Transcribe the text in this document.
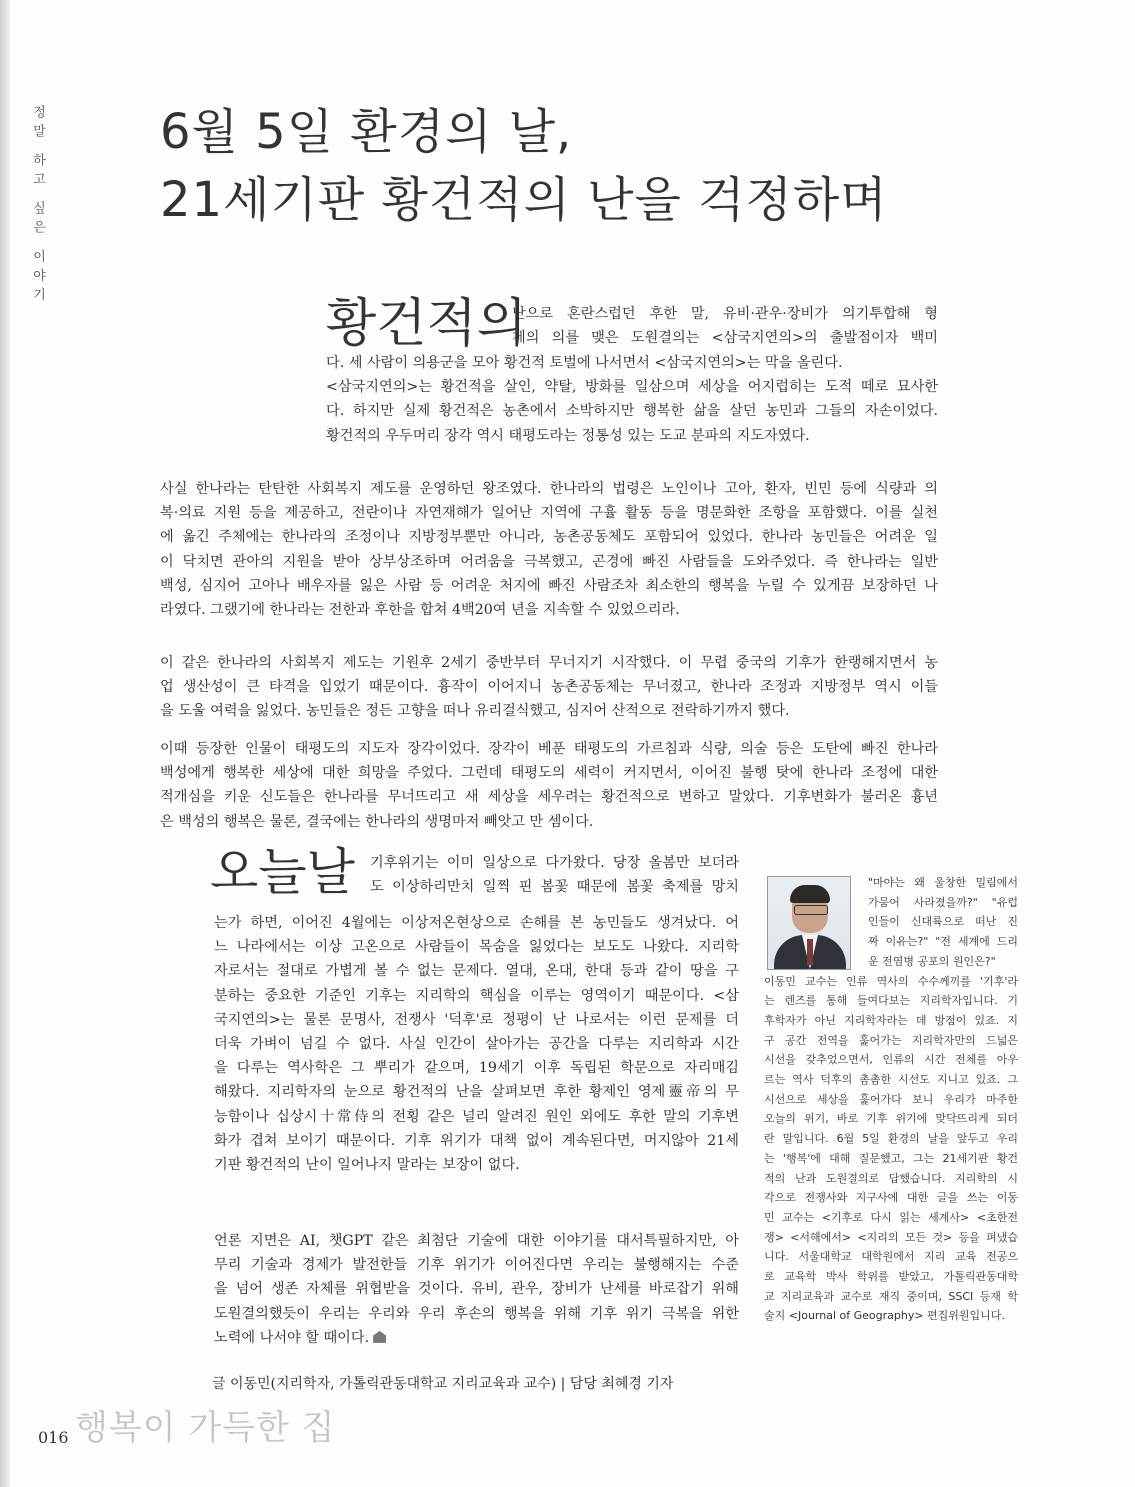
정말 하고 싶은 이야기 6월 5일 환경의 날,
21세기판 황건적의 난을 걱정하며
황건적의
난으로 혼란스럽던 후한 말, 유비·관우·장비가 의기투합해 형
제의 의를 맺은 도원결의는 <삼국지연의>의 출발점이자 백미
다. 세 사람이 의용군을 모아 황건적 토벌에 나서면서 <삼국지연의>는 막을 올린다.
<삼국지연의>는 황건적을 살인, 약탈, 방화를 일삼으며 세상을 어지럽히는 도적 떼로 묘사한
다. 하지만 실제 황건적은 농촌에서 소박하지만 행복한 삶을 살던 농민과 그들의 자손이었다.
황건적의 우두머리 장각 역시 태평도라는 정통성 있는 도교 분파의 지도자였다.
사실 한나라는 탄탄한 사회복지 제도를 운영하던 왕조였다. 한나라의 법령은 노인이나 고아, 환자, 빈민 등에 식량과 의
복·의료 지원 등을 제공하고, 전란이나 자연재해가 일어난 지역에 구휼 활동 등을 명문화한 조항을 포함했다. 이를 실천
에 옮긴 주체에는 한나라의 조정이나 지방정부뿐만 아니라, 농촌공동체도 포함되어 있었다. 한나라 농민들은 어려운 일
이 닥치면 관아의 지원을 받아 상부상조하며 어려움을 극복했고, 곤경에 빠진 사람들을 도와주었다. 즉 한나라는 일반
백성, 심지어 고아나 배우자를 잃은 사람 등 어려운 처지에 빠진 사람조차 최소한의 행복을 누릴 수 있게끔 보장하던 나
라였다. 그랬기에 한나라는 전한과 후한을 합쳐 4백20여 년을 지속할 수 있었으리라.
이 같은 한나라의 사회복지 제도는 기원후 2세기 중반부터 무너지기 시작했다. 이 무렵 중국의 기후가 한랭해지면서 농
업 생산성이 큰 타격을 입었기 때문이다. 흉작이 이어지니 농촌공동체는 무너졌고, 한나라 조정과 지방정부 역시 이들
을 도울 여력을 잃었다. 농민들은 정든 고향을 떠나 유리걸식했고, 심지어 산적으로 전락하기까지 했다.
이때 등장한 인물이 태평도의 지도자 장각이었다. 장각이 베푼 태평도의 가르침과 식량, 의술 등은 도탄에 빠진 한나라
백성에게 행복한 세상에 대한 희망을 주었다. 그런데 태평도의 세력이 커지면서, 이어진 불행 탓에 한나라 조정에 대한
적개심을 키운 신도들은 한나라를 무너뜨리고 새 세상을 세우려는 황건적으로 변하고 말았다. 기후변화가 불러온 흉년
은 백성의 행복은 물론, 결국에는 한나라의 생명마저 빼앗고 만 셈이다.
오늘날 기후위기는 이미 일상으로 다가왔다. 당장 올봄만 보더라
도 이상하리만치 일찍 핀 봄꽃 때문에 봄꽃 축제를 망치
는가 하면, 이어진 4월에는 이상저온현상으로 손해를 본 농민들도 생겨났다. 어
느 나라에서는 이상 고온으로 사람들이 목숨을 잃었다는 보도도 나왔다. 지리학
자로서는 절대로 가볍게 볼 수 없는 문제다. 열대, 온대, 한대 등과 같이 땅을 구
분하는 중요한 기준인 기후는 지리학의 핵심을 이루는 영역이기 때문이다. <삼
국지연의>는 물론 문명사, 전쟁사 '덕후'로 정평이 난 나로서는 이런 문제를 더
더욱 가벼이 넘길 수 없다. 사실 인간이 살아가는 공간을 다루는 지리학과 시간
을 다루는 역사학은 그 뿌리가 같으며, 19세기 이후 독립된 학문으로 자리매김
해왔다. 지리학자의 눈으로 황건적의 난을 살펴보면 후한 황제인 영제靈帝의 무
능함이나 십상시十常侍의 전횡 같은 널리 알려진 원인 외에도 후한 말의 기후변
화가 겹쳐 보이기 때문이다. 기후 위기가 대책 없이 계속된다면, 머지않아 21세
기판 황건적의 난이 일어나지 말라는 보장이 없다.
언론 지면은 AI, 챗GPT 같은 최첨단 기술에 대한 이야기를 대서특필하지만, 아
무리 기술과 경제가 발전한들 기후 위기가 이어진다면 우리는 불행해지는 수준
을 넘어 생존 자체를 위협받을 것이다. 유비, 관우, 장비가 난세를 바로잡기 위해
도원결의했듯이 우리는 우리와 우리 후손의 행복을 위해 기후 위기 극복을 위한
노력에 나서야 할 때이다.
글 이동민(지리학자, 가톨릭관동대학교 지리교육과 교수) | 담당 최혜경 기자
"마야는 왜 울창한 밀림에서
가뭄어 사라졌을까?" "유럽
인들이 신대륙으로 떠난 진
짜 이유는?" "전 세계에 드리
운 전염병 공포의 원인은?"
이동민 교수는 인류 역사의 수수께끼를 '기후'라
는 렌즈를 통해 들여다보는 지리학자입니다. 기
후학자가 아닌 지리학자라는 데 방점이 있죠. 지
구 공간 전역을 훑어가는 지리학자만의 드넓은
시선을 갖추었으면서, 인류의 시간 전체를 아우
르는 역사 덕후의 촘촘한 시선도 지니고 있죠. 그
시선으로 세상을 훑어가다 보니 우리가 마주한
오늘의 위기, 바로 기후 위기에 맞닥뜨리게 되더
란 말입니다. 6월 5일 환경의 날을 앞두고 우리
는 '행복'에 대해 질문했고, 그는 21세기판 황건
적의 난과 도원결의로 답했습니다. 지리학의 시
각으로 전쟁사와 지구사에 대한 글을 쓰는 이동
민 교수는 <기후로 다시 읽는 세계사> <초한전
쟁> <서해에서> <지리의 모든 것> 등을 펴냈습
니다. 서울대학교 대학원에서 지리 교육 전공으
로 교육학 박사 학위를 받았고, 가톨릭관동대학
교 지리교육과 교수로 재직 중이며, SSCI 등재 학
술지 <Journal of Geography> 편집위원입니다.
016 행복이 가득한 집
